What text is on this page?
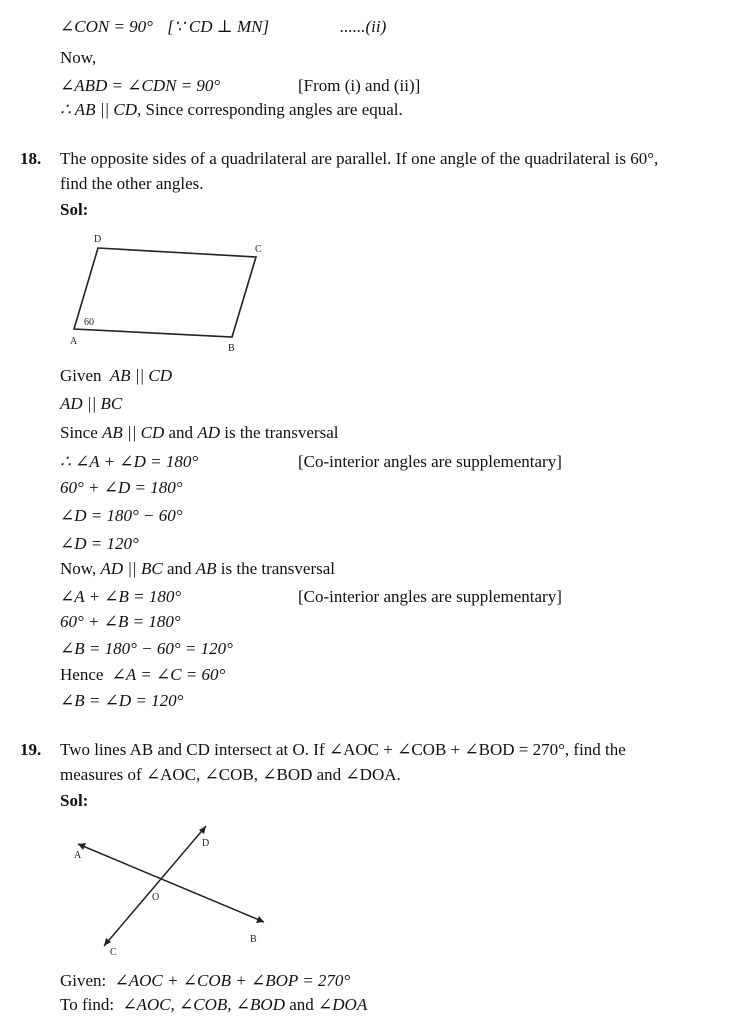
∠CON = 90° [∵ CD ⊥ MN]	......(ii)
Now,
∠ABD = ∠CDN = 90°	[From (i) and (ii)]
∴ AB || CD, Since corresponding angles are equal.
18. The opposite sides of a quadrilateral are parallel. If one angle of the quadrilateral is 60°,
find the other angles.
Sol:
D
C
A
B
60
Given AB || CD
AD || BC
Since AB || CD and AD is the transversal
∴ ∠A + ∠D = 180°	[Co-interior angles are supplementary]
60° + ∠D = 180°
∠D = 180° − 60°
∠D = 120°
Now, AD || BC and AB is the transversal
∠A + ∠B = 180°	[Co-interior angles are supplementary]
60° + ∠B = 180°
∠B = 180° − 60° = 120°
Hence ∠A = ∠C = 60°
∠B = ∠D = 120°
19. Two lines AB and CD intersect at O. If ∠AOC + ∠COB + ∠BOD = 270°, find the
measures of ∠AOC, ∠COB, ∠BOD and ∠DOA.
Sol:
A
B
C
D
O
Given: ∠AOC + ∠COB + ∠BOP = 270°
To find: ∠AOC, ∠COB, ∠BOD and ∠DOA
